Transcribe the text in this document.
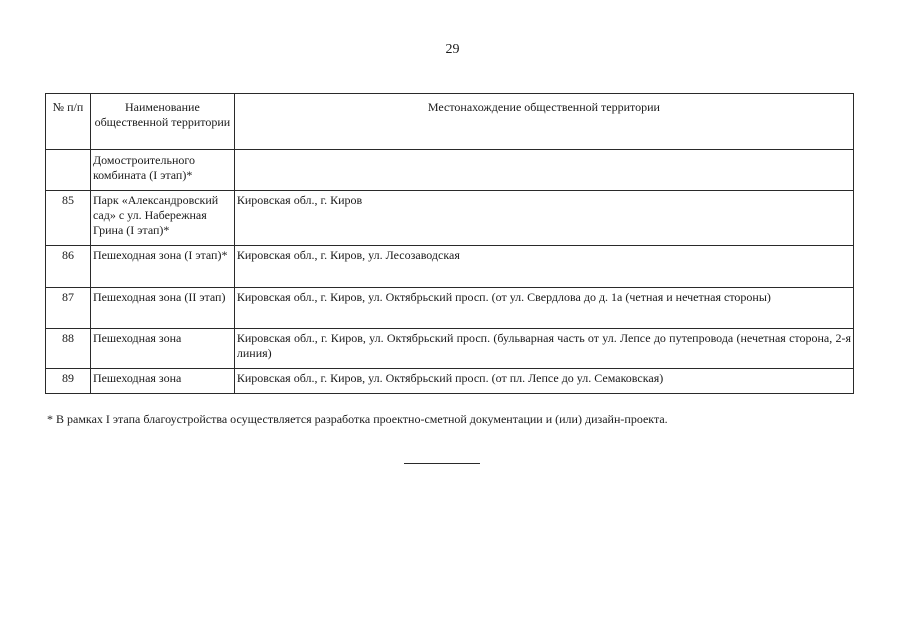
29
№ п/п	Наименование общественной территории	Местонахождение общественной территории
	Домостроительного комбината (I этап)*	
85	Парк «Александровский сад» с ул. Набережная Грина (I этап)*	Кировская обл., г. Киров
86	Пешеходная зона (I этап)*	Кировская обл., г. Киров, ул. Лесозаводская
87	Пешеходная зона (II этап)	Кировская обл., г. Киров, ул. Октябрьский просп. (от ул. Свердлова до д. 1а (четная и нечетная стороны)
88	Пешеходная зона	Кировская обл., г. Киров, ул. Октябрьский просп. (бульварная часть от ул. Лепсе до путепровода (нечетная сторона, 2-я линия)
89	Пешеходная зона	Кировская обл., г. Киров, ул. Октябрьский просп. (от пл. Лепсе до ул. Семаковская)
* В рамках I этапа благоустройства осуществляется разработка проектно-сметной документации и (или) дизайн-проекта.
